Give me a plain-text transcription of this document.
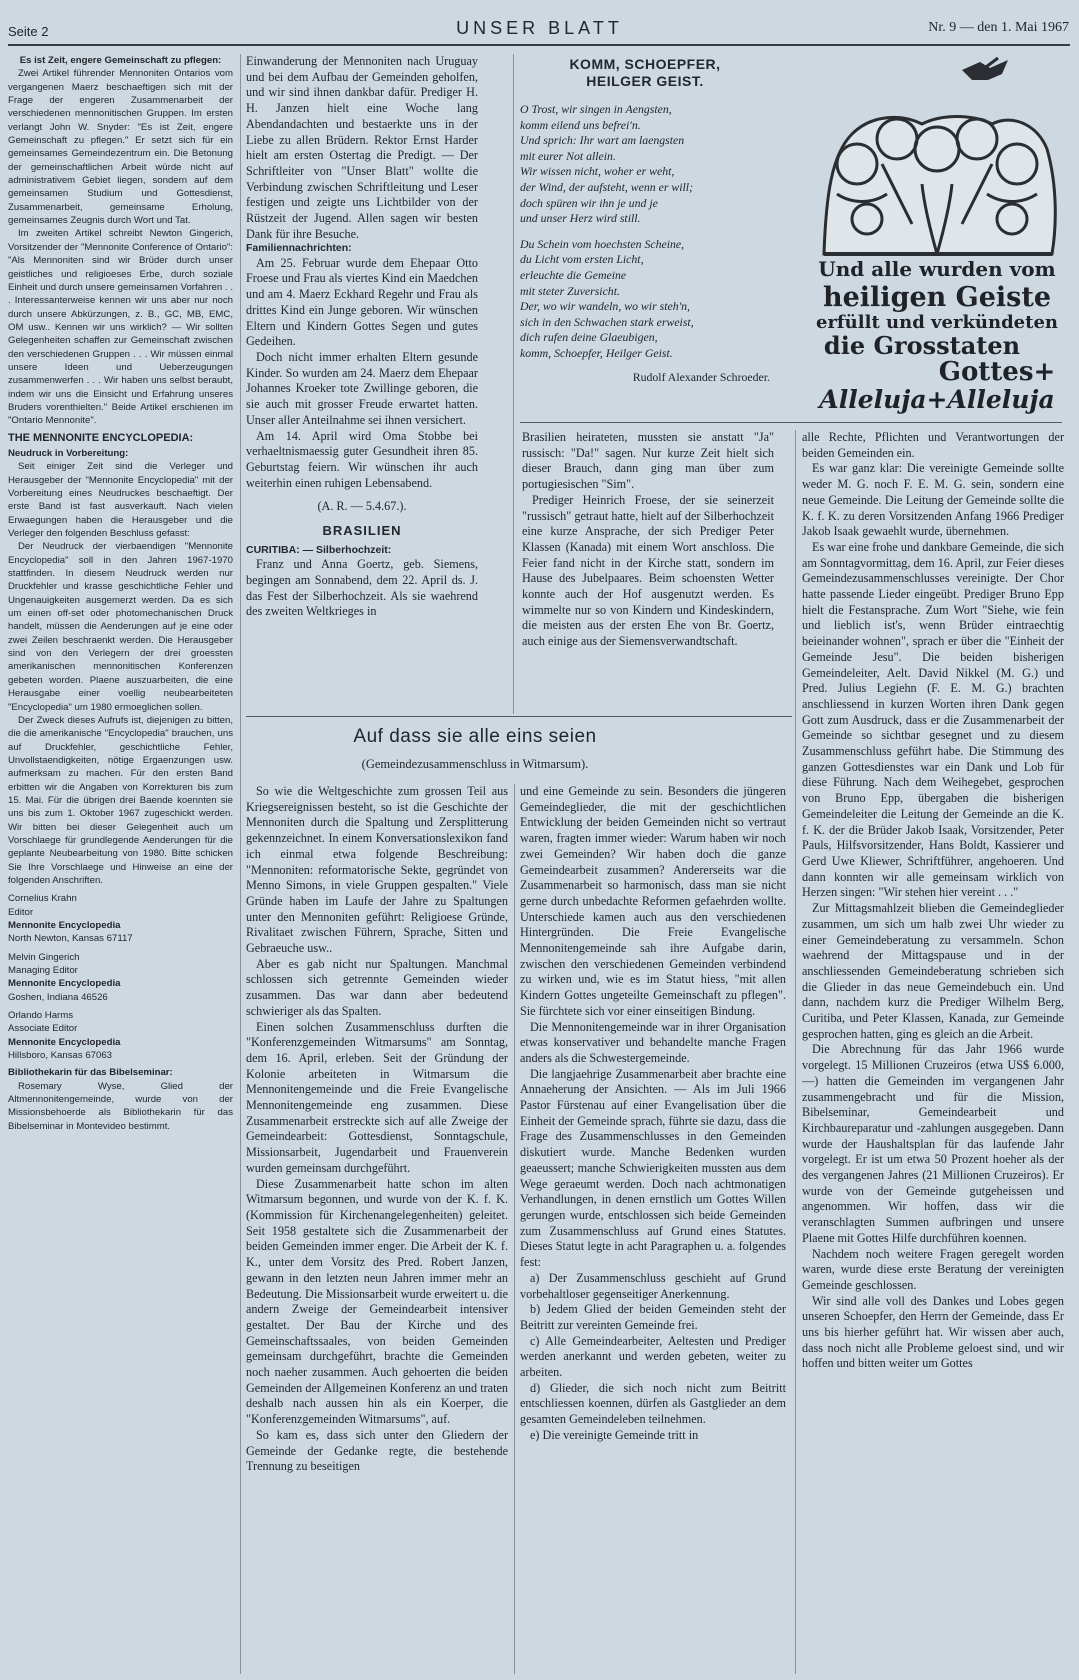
Seite 2	UNSER BLATT	Nr. 9 — den 1. Mai 1967

Es ist Zeit, engere Gemeinschaft zu pflegen:

Zwei Artikel führender Mennoniten Ontarios vom vergangenen Maerz beschaeftigen sich mit der Frage der engeren Zusammenarbeit der verschiedenen mennonitischen Gruppen. Im ersten verlangt John W. Snyder: "Es ist Zeit, engere Gemeinschaft zu pflegen." Er setzt sich für ein gemeinsames Gemeindezentrum ein. Die Betonung der gemeinschaftlichen Arbeit würde nicht auf administrativem Gebiet liegen, sondern auf dem gemeinsamen Studium und Gottesdienst, Zusammenarbeit, gemeinsame Erholung, gemeinsames Zeugnis durch Wort und Tat.

Im zweiten Artikel schreibt Newton Gingerich, Vorsitzender der "Mennonite Conference of Ontario": "Als Mennoniten sind wir Brüder durch unser geistliches und religioeses Erbe, durch soziale Einheit und durch unsere gemeinsamen Vorfahren . . . Interessanterweise kennen wir uns aber nur noch durch unsere Abkürzungen, z. B., GC, MB, EMC, OM usw.. Kennen wir uns wirklich? — Wir sollten Gelegenheiten schaffen zur Gemeinschaft zwischen den verschiedenen Gruppen . . . Wir müssen einmal unsere Ideen und Ueberzeugungen zusammenwerfen . . . Wir haben uns selbst beraubt, indem wir uns die Einsicht und Erfahrung unseres Bruders vorenthielten." Beide Artikel erschienen im "Ontario Mennonite".

THE MENNONITE ENCYCLOPEDIA:

Neudruck in Vorbereitung:

Seit einiger Zeit sind die Verleger und Herausgeber der "Mennonite Encyclopedia" mit der Vorbereitung eines Neudruckes beschaeftigt. Der erste Band ist fast ausverkauft. Nach vielen Erwaegungen haben die Herausgeber und die Verleger den folgenden Beschluss gefasst:

Der Neudruck der vierbaendigen "Mennonite Encyclopedia" soll in den Jahren 1967-1970 stattfinden. In diesem Neudruck werden nur Druckfehler und krasse geschichtliche Fehler und Ungenauigkeiten ausgemerzt werden. Da es sich um einen off-set oder photomechanischen Druck handelt, müssen die Aenderungen auf je eine oder zwei Zeilen beschraenkt werden. Die Herausgeber sind von den Verlegern der drei groessten amerikanischen mennonitischen Konferenzen gebeten worden. Plaene auszuarbeiten, die eine Herausgabe einer voellig neubearbeiteten "Encyclopedia" um 1980 ermoeglichen sollen.

Der Zweck dieses Aufrufs ist, diejenigen zu bitten, die die amerikanische "Encyclopedia" brauchen, uns auf Druckfehler, geschichtliche Fehler, Unvollstaendigkeiten, nötige Ergaenzungen usw. aufmerksam zu machen. Für den ersten Band erbitten wir die Angaben von Korrekturen bis zum 15. Mai. Für die übrigen drei Baende koennten sie uns bis zum 1. Oktober 1967 zugeschickt werden. Wir bitten bei dieser Gelegenheit auch um Vorschlaege für grundlegende Aenderungen für die geplante Neubearbeitung von 1980. Bitte schicken Sie Ihre Vorschlaege und Hinweise an eine der folgenden Anschriften.

Cornelius Krahn

Editor

Mennonite Encyclopedia

North Newton, Kansas 67117

Melvin Gingerich

Managing Editor

Mennonite Encyclopedia

Goshen, Indiana 46526

Orlando Harms

Associate Editor

Mennonite Encyclopedia

Hillsboro, Kansas 67063

Bibliothekarin für das Bibelseminar:

Rosemary Wyse, Glied der Altmennonitengemeinde, wurde von der Missionsbehoerde als Bibliothekarin für das Bibelseminar in Montevideo bestimmt.

Einwanderung der Mennoniten nach Uruguay und bei dem Aufbau der Gemeinden geholfen, und wir sind ihnen dankbar dafür. Prediger H. H. Janzen hielt eine Woche lang Abendandachten und bestaerkte uns in der Liebe zu allen Brüdern. Rektor Ernst Harder hielt am ersten Ostertag die Predigt. — Der Schriftleiter von "Unser Blatt" wollte die Verbindung zwischen Schriftleitung und Leser festigen und zeigte uns Lichtbilder von der Rüstzeit der Jugend. Allen sagen wir besten Dank für ihre Besuche.

Familiennachrichten:

Am 25. Februar wurde dem Ehepaar Otto Froese und Frau als viertes Kind ein Maedchen und am 4. Maerz Eckhard Regehr und Frau als drittes Kind ein Junge geboren. Wir wünschen Eltern und Kindern Gottes Segen und gutes Gedeihen.

Doch nicht immer erhalten Eltern gesunde Kinder. So wurden am 24. Maerz dem Ehepaar Johannes Kroeker tote Zwillinge geboren, die sie auch mit grosser Freude erwartet hatten. Unser aller Anteilnahme sei ihnen versichert.

Am 14. April wird Oma Stobbe bei verhaeltnismaessig guter Gesundheit ihren 85. Geburtstag feiern. Wir wünschen ihr auch weiterhin einen ruhigen Lebensabend.

(A. R. — 5.4.67.).

BRASILIEN

CURITIBA: — Silberhochzeit:

Franz und Anna Goertz, geb. Siemens, begingen am Sonnabend, dem 22. April ds. J. das Fest der Silberhochzeit. Als sie waehrend des zweiten Weltkrieges in

KOMM, SCHOEPFER,
HEILGER GEIST.

O Trost, wir singen in Aengsten,

komm eilend uns befrei'n.

Und sprich: Ihr wart am laengsten

mit eurer Not allein.

Wir wissen nicht, woher er weht,

der Wind, der aufsteht, wenn er will;

doch spüren wir ihn je und je

und unser Herz wird still.

Du Schein vom hoechsten Scheine,

du Licht vom ersten Licht,

erleuchte die Gemeine

mit steter Zuversicht.

Der, wo wir wandeln, wo wir steh'n,

sich in den Schwachen stark erweist,

dich rufen deine Glaeubigen,

komm, Schoepfer, Heilger Geist.

Rudolf Alexander Schroeder.

Und alle wurden vom
heiligen Geiste
erfüllt und verkündeten
die Grosstaten
Gottes+
Alleluja+Alleluja

Brasilien heirateten, mussten sie anstatt "Ja" russisch: "Da!" sagen. Nur kurze Zeit hielt sich dieser Brauch, dann ging man über zum portugiesischen "Sim".

Prediger Heinrich Froese, der sie seinerzeit "russisch" getraut hatte, hielt auf der Silberhochzeit eine kurze Ansprache, der sich Prediger Peter Klassen (Kanada) mit einem Wort anschloss. Die Feier fand nicht in der Kirche statt, sondern im Hause des Jubelpaares. Beim schoensten Wetter konnte auch der Hof ausgenutzt werden. Es wimmelte nur so von Kindern und Kindeskindern, die meisten aus der ersten Ehe von Br. Goertz, auch einige aus der Siemensverwandtschaft.

alle Rechte, Pflichten und Verantwortungen der beiden Gemeinden ein.

Es war ganz klar: Die vereinigte Gemeinde sollte weder M. G. noch F. E. M. G. sein, sondern eine neue Gemeinde. Die Leitung der Gemeinde sollte die K. f. K. zu deren Vorsitzenden Anfang 1966 Prediger Jakob Isaak gewaehlt wurde, übernehmen.

Es war eine frohe und dankbare Gemeinde, die sich am Sonntagvormittag, dem 16. April, zur Feier dieses Gemeindezusammenschlusses vereinigte. Der Chor hatte passende Lieder eingeübt. Prediger Bruno Epp hielt die Festansprache. Zum Wort "Siehe, wie fein und lieblich ist's, wenn Brüder eintraechtig beieinander wohnen", sprach er über die "Einheit der Gemeinde Jesu". Die beiden bisherigen Gemeindeleiter, Aelt. David Nikkel (M. G.) und Pred. Julius Legiehn (F. E. M. G.) brachten anschliessend in kurzen Worten ihren Dank gegen Gott zum Ausdruck, dass er die Zusammenarbeit der Gemeinde so sichtbar gesegnet und zu diesem Zusammenschluss geführt habe. Die Stimmung des ganzen Gottesdienstes war ein Dank und Lob für diese Führung. Nach dem Weihegebet, gesprochen von Bruno Epp, übergaben die bisherigen Gemeindeleiter die Leitung der Gemeinde an die K. f. K. der die Brüder Jakob Isaak, Vorsitzender, Peter Pauls, Hilfsvorsitzender, Hans Boldt, Kassierer und Gerd Uwe Kliewer, Schriftführer, angehoeren. Und dann konnten wir alle gemeinsam wirklich von Herzen singen: "Wir stehen hier vereint . . ."

Zur Mittagsmahlzeit blieben die Gemeindeglieder zusammen, um sich um halb zwei Uhr wieder zu einer Gemeindeberatung zu versammeln. Schon waehrend der Mittagspause und in der anschliessenden Gemeindeberatung schrieben sich die Glieder in das neue Gemeindebuch ein. Und dann, nachdem kurz die Prediger Wilhelm Berg, Curitiba, und Peter Klassen, Kanada, zur Gemeinde gesprochen hatten, ging es gleich an die Arbeit.

Die Abrechnung für das Jahr 1966 wurde vorgelegt. 15 Millionen Cruzeiros (etwa US$ 6.000,—) hatten die Gemeinden im vergangenen Jahr zusammengebracht und für die Mission, Bibelseminar, Gemeindearbeit und Kirchbaureparatur und -zahlungen ausgegeben. Dann wurde der Haushaltsplan für das laufende Jahr vorgelegt. Er ist um etwa 50 Prozent hoeher als der des vergangenen Jahres (21 Millionen Cruzeiros). Er wurde von der Gemeinde gutgeheissen und angenommen. Wir hoffen, dass wir die veranschlagten Summen aufbringen und unsere Plaene mit Gottes Hilfe durchführen koennen.

Nachdem noch weitere Fragen geregelt worden waren, wurde diese erste Beratung der vereinigten Gemeinde geschlossen.

Wir sind alle voll des Dankes und Lobes gegen unseren Schoepfer, den Herrn der Gemeinde, dass Er uns bis hierher geführt hat. Wir wissen aber auch, dass noch nicht alle Probleme geloest sind, und wir hoffen und bitten weiter um Gottes

Auf dass sie alle eins seien
(Gemeindezusammenschluss in Witmarsum).

So wie die Weltgeschichte zum grossen Teil aus Kriegsereignissen besteht, so ist die Geschichte der Mennoniten durch die Spaltung und Zersplitterung gekennzeichnet. In einem Konversationslexikon fand ich einmal etwa folgende Beschreibung: "Mennoniten: reformatorische Sekte, gegründet von Menno Simons, in viele Gruppen gespalten." Viele Gründe haben im Laufe der Jahre zu Spaltungen unter den Mennoniten geführt: Religioese Gründe, Rivalitaet zwischen Führern, Sprache, Sitten und Gebraeuche usw..

Aber es gab nicht nur Spaltungen. Manchmal schlossen sich getrennte Gemeinden wieder zusammen. Das war dann aber bedeutend schwieriger als das Spalten.

Einen solchen Zusammenschluss durften die "Konferenzgemeinden Witmarsums" am Sonntag, dem 16. April, erleben. Seit der Gründung der Kolonie arbeiteten in Witmarsum die Mennonitengemeinde und die Freie Evangelische Mennonitengemeinde eng zusammen. Diese Zusammenarbeit erstreckte sich auf alle Zweige der Gemeindearbeit: Gottesdienst, Sonntagschule, Missionsarbeit, Jugendarbeit und Frauenverein wurden gemeinsam durchgeführt.

Diese Zusammenarbeit hatte schon im alten Witmarsum begonnen, und wurde von der K. f. K. (Kommission für Kirchenangelegenheiten) geleitet. Seit 1958 gestaltete sich die Zusammenarbeit der beiden Gemeinden immer enger. Die Arbeit der K. f. K., unter dem Vorsitz des Pred. Robert Janzen, gewann in den letzten neun Jahren immer mehr an Bedeutung. Die Missionsarbeit wurde erweitert u. die andern Zweige der Gemeindearbeit intensiver gestaltet. Der Bau der Kirche und des Gemeinschaftssaales, von beiden Gemeinden gemeinsam durchgeführt, brachte die Gemeinden noch naeher zusammen. Auch gehoerten die beiden Gemeinden der Allgemeinen Konferenz an und traten deshalb nach aussen hin als ein Koerper, die "Konferenzgemeinden Witmarsums", auf.

So kam es, dass sich unter den Gliedern der Gemeinde der Gedanke regte, die bestehende Trennung zu beseitigen

und eine Gemeinde zu sein. Besonders die jüngeren Gemeindeglieder, die mit der geschichtlichen Entwicklung der beiden Gemeinden nicht so vertraut waren, fragten immer wieder: Warum haben wir noch zwei Gemeinden? Wir haben doch die ganze Gemeindearbeit zusammen? Andererseits war die Zusammenarbeit so harmonisch, dass man sie nicht gerne durch unbedachte Reformen gefaehrden wollte. Unterschiede kamen auch aus den verschiedenen Hintergründen. Die Freie Evangelische Mennonitengemeinde sah ihre Aufgabe darin, zwischen den verschiedenen Gemeinden verbindend zu wirken und, wie es im Statut hiess, "mit allen Kindern Gottes ungeteilte Gemeinschaft zu pflegen". Sie fürchtete sich vor einer einseitigen Bindung.

Die Mennonitengemeinde war in ihrer Organisation etwas konservativer und behandelte manche Fragen anders als die Schwestergemeinde.

Die langjaehrige Zusammenarbeit aber brachte eine Annaeherung der Ansichten. — Als im Juli 1966 Pastor Fürstenau auf einer Evangelisation über die Einheit der Gemeinde sprach, führte sie dazu, dass die Frage des Zusammenschlusses in den Gemeinden diskutiert wurde. Manche Bedenken wurden geaeussert; manche Schwierigkeiten mussten aus dem Wege geraeumt werden. Doch nach achtmonatigen Verhandlungen, in denen ernstlich um Gottes Willen gerungen wurde, entschlossen sich beide Gemeinden zum Zusammenschluss auf Grund eines Statutes. Dieses Statut legte in acht Paragraphen u. a. folgendes fest:

a) Der Zusammenschluss geschieht auf Grund vorbehaltloser gegenseitiger Anerkennung.

b) Jedem Glied der beiden Gemeinden steht der Beitritt zur vereinten Gemeinde frei.

c) Alle Gemeindearbeiter, Aeltesten und Prediger werden anerkannt und werden gebeten, weiter zu arbeiten.

d) Glieder, die sich noch nicht zum Beitritt entschliessen koennen, dürfen als Gastglieder an dem gesamten Gemeindeleben teilnehmen.

e) Die vereinigte Gemeinde tritt in
